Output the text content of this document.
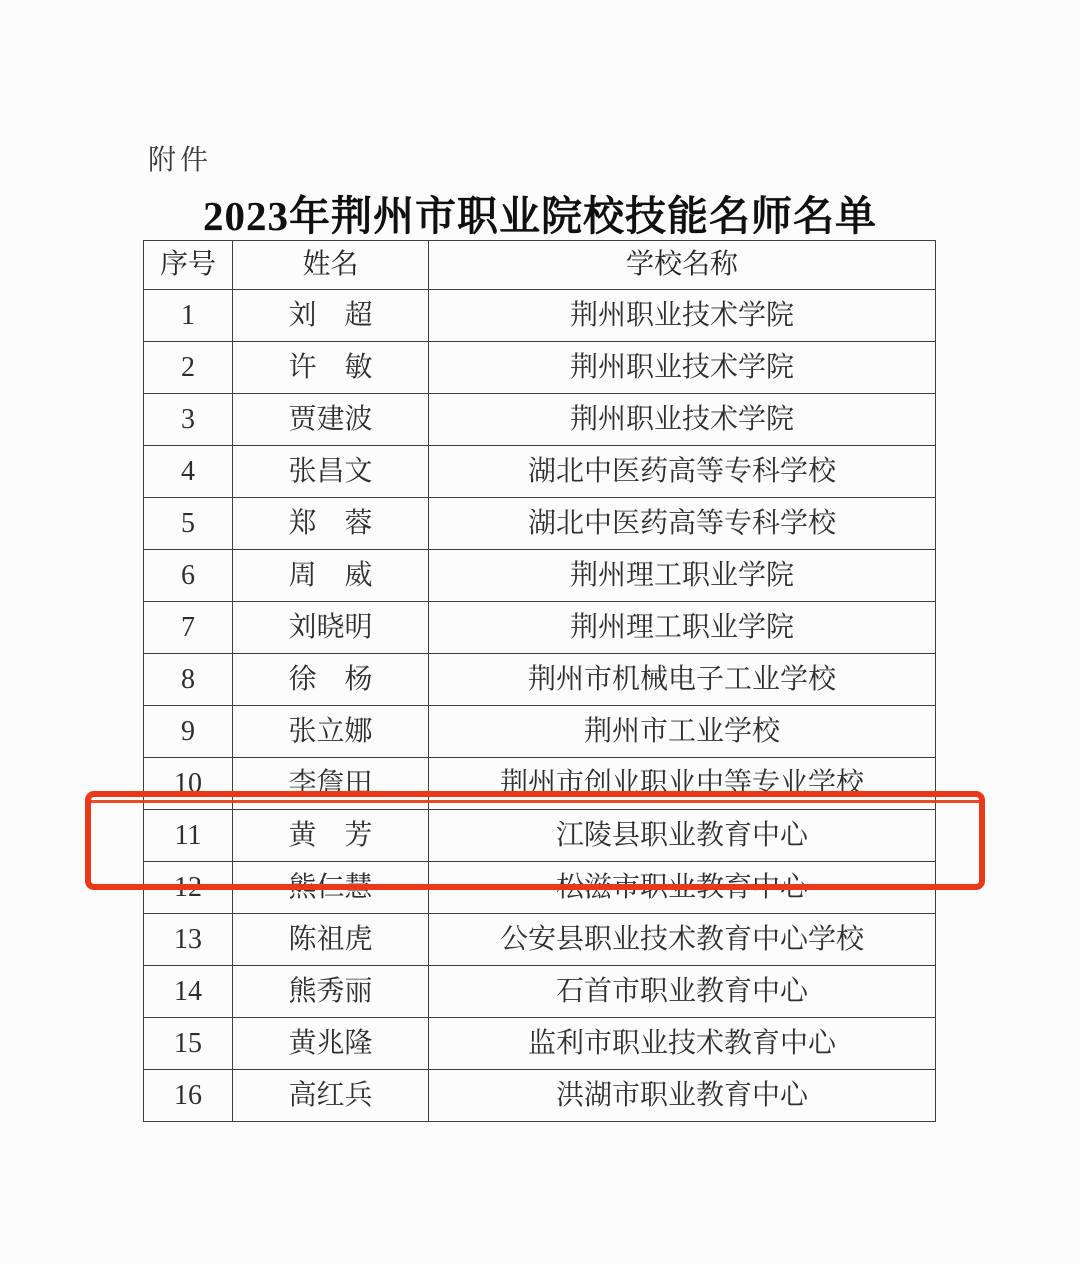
附件
2023年荆州市职业院校技能名师名单
序号	姓名	学校名称
1	刘　超	荆州职业技术学院
2	许　敏	荆州职业技术学院
3	贾建波	荆州职业技术学院
4	张昌文	湖北中医药高等专科学校
5	郑　蓉	湖北中医药高等专科学校
6	周　威	荆州理工职业学院
7	刘晓明	荆州理工职业学院
8	徐　杨	荆州市机械电子工业学校
9	张立娜	荆州市工业学校
10	李詹田	荆州市创业职业中等专业学校
11	黄　芳	江陵县职业教育中心
12	熊仁慧	松滋市职业教育中心
13	陈祖虎	公安县职业技术教育中心学校
14	熊秀丽	石首市职业教育中心
15	黄兆隆	监利市职业技术教育中心
16	高红兵	洪湖市职业教育中心
